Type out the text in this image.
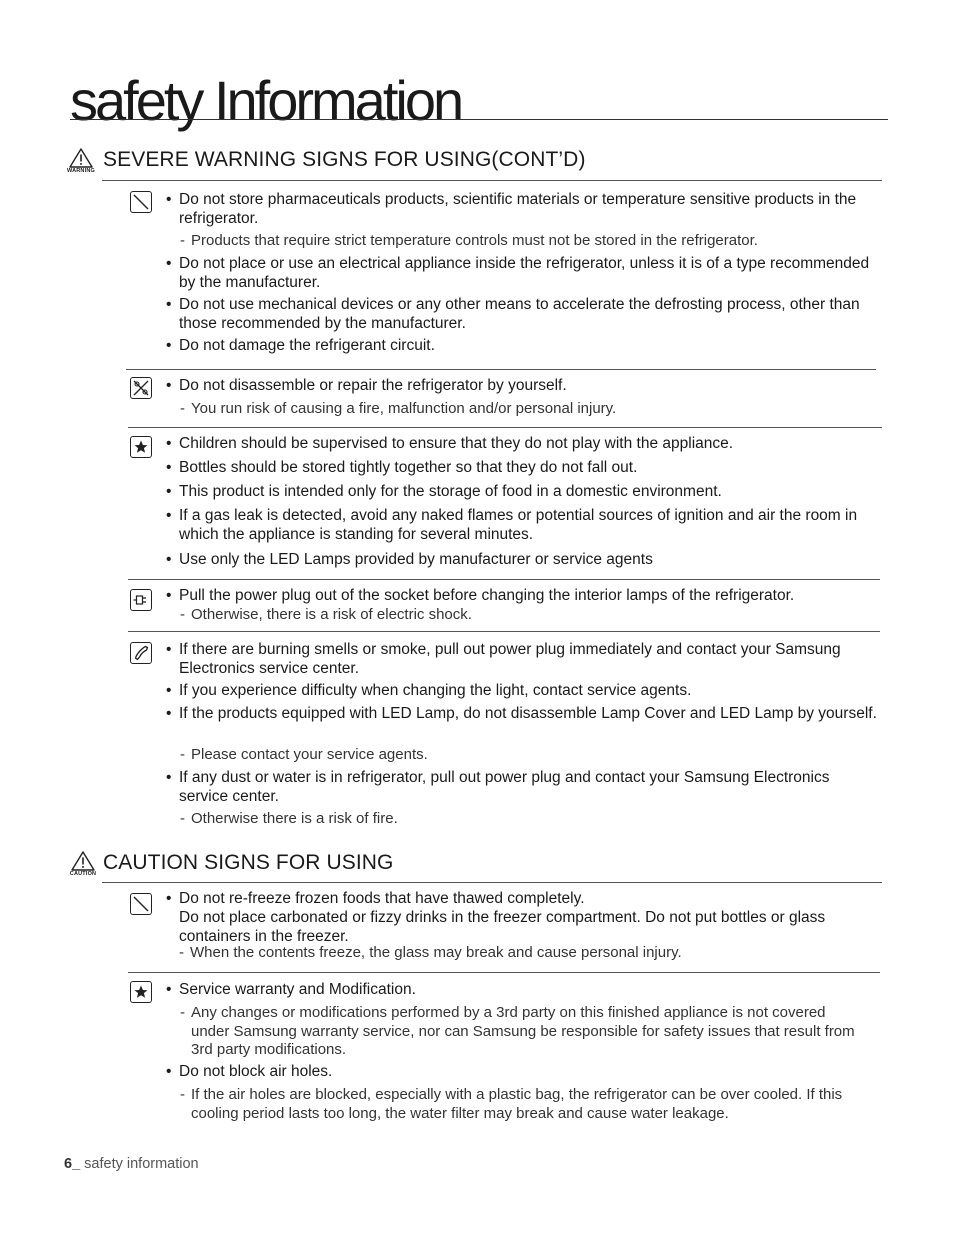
safety Information
WARNING SEVERE WARNING SIGNS FOR USING(CONT’D)
• Do not store pharmaceuticals products, scientific materials or temperature sensitive products in the refrigerator.
- Products that require strict temperature controls must not be stored in the refrigerator.
• Do not place or use an electrical appliance inside the refrigerator, unless it is of a type recommended by the manufacturer.
• Do not use mechanical devices or any other means to accelerate the defrosting process, other than those recommended by the manufacturer.
• Do not damage the refrigerant circuit.
• Do not disassemble or repair the refrigerator by yourself.
- You run risk of causing a fire, malfunction and/or personal injury.
• Children should be supervised to ensure that they do not play with the appliance.
• Bottles should be stored tightly together so that they do not fall out.
• This product is intended only for the storage of food in a domestic environment.
• If a gas leak is detected, avoid any naked flames or potential sources of ignition and air the room in which the appliance is standing for several minutes.
• Use only the LED Lamps provided by manufacturer or service agents
• Pull the power plug out of the socket before changing the interior lamps of the refrigerator.
- Otherwise, there is a risk of electric shock.
• If there are burning smells or smoke, pull out power plug immediately and contact your Samsung Electronics service center.
• If you experience difficulty when changing the light, contact service agents.
• If the products equipped with LED Lamp, do not disassemble Lamp Cover and LED Lamp by yourself.
- Please contact your service agents.
• If any dust or water is in refrigerator, pull out power plug and contact your Samsung Electronics service center.
- Otherwise there is a risk of fire.
CAUTION CAUTION SIGNS FOR USING
• Do not re-freeze frozen foods that have thawed completely.
Do not place carbonated or fizzy drinks in the freezer compartment. Do not put bottles or glass containers in the freezer.
- When the contents freeze, the glass may break and cause personal injury.
• Service warranty and Modification.
- Any changes or modifications performed by a 3rd party on this finished appliance is not covered under Samsung warranty service, nor can Samsung be responsible for safety issues that result from 3rd party modifications.
• Do not block air holes.
- If the air holes are blocked, especially with a plastic bag, the refrigerator can be over cooled. If this cooling period lasts too long, the water filter may break and cause water leakage.
6_ safety information
